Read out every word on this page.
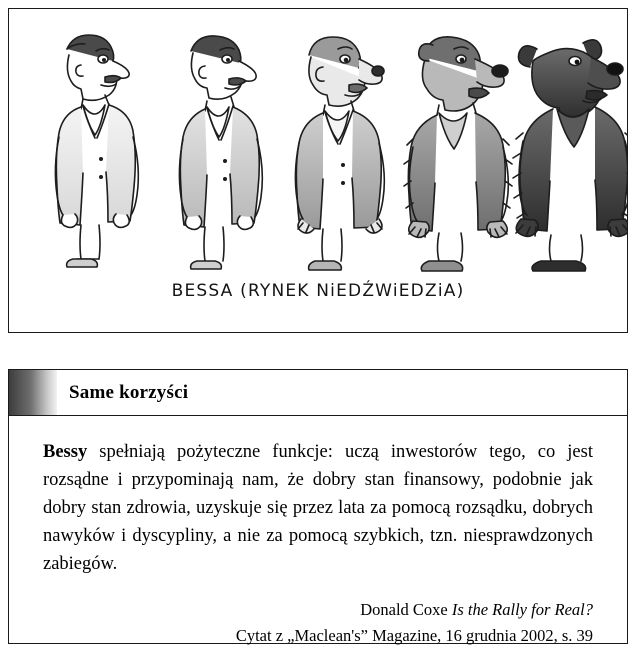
BESSA (RYNEK NiEDŹWiEDZiA)
Same korzyści
Bessy spełniają pożyteczne funkcje: uczą inwestorów tego, co jest rozsądne i przypominają nam, że dobry stan finansowy, podobnie jak dobry stan zdrowia, uzyskuje się przez lata za pomocą rozsądku, dobrych nawyków i dyscypliny, a nie za pomocą szybkich, tzn. niesprawdzonych zabiegów.
Donald Coxe Is the Rally for Real?
Cytat z „Maclean's” Magazine, 16 grudnia 2002, s. 39
